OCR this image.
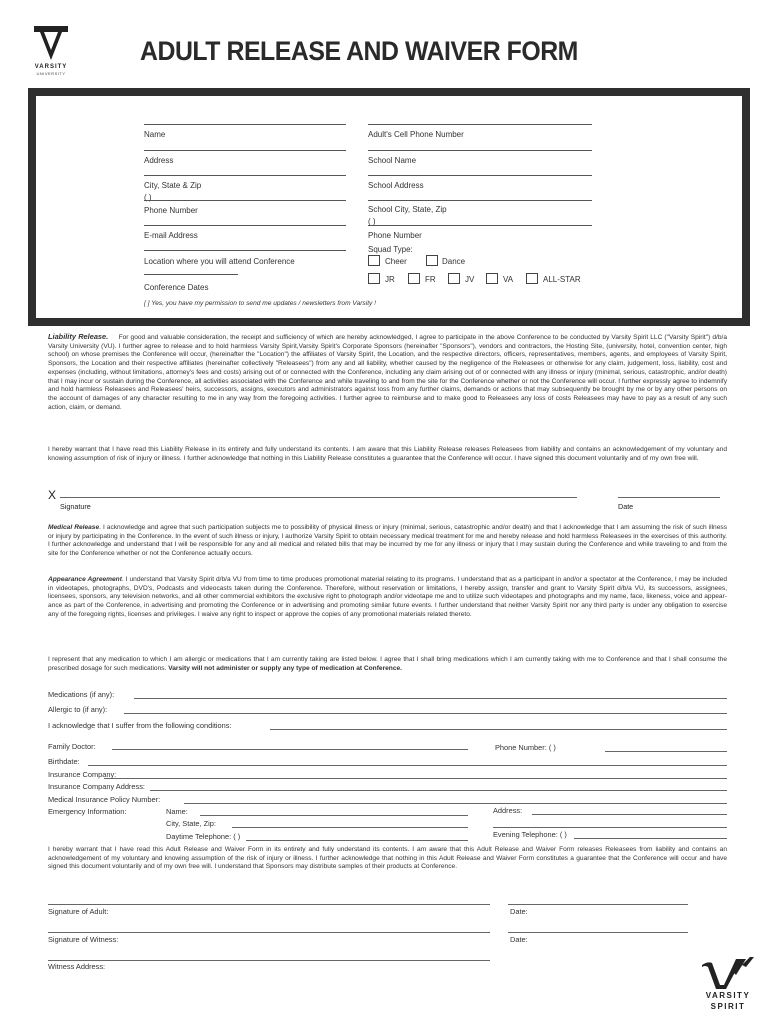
VARSITY
UNIVERSITY
ADULT RELEASE AND WAIVER FORM
Name
Address
City, State & Zip
( )
Phone Number
E-mail Address
Location where you will attend Conference
Conference Dates
[ ] Yes, you have my permission to send me updates / newsletters from Varsity !
Adult's Cell Phone Number
School Name
School Address
School City, State, Zip
( )
Phone Number
Squad Type:
Cheer	Dance
JR	FR	JV	VA	ALL-STAR
Liability Release. For good and valuable consideration, the receipt and sufficiency of which are hereby acknowledged, I agree to participate in the above Conference to be conducted by Varsity Spirit LLC ("Varsity Spirit") d/b/a Varsity University (VU). I further agree to release and to hold harmless Varsity Spirit,Varsity Spirit's Corporate Sponsors (hereinafter "Sponsors"), vendors and contractors, the Hosting Site, (university, hotel, convention center, high school) on whose premises the Conference will occur, (hereinafter the "Location") the affiliates of Varsity Spirit, the Location, and the respective directors, officers, representatives, members, agents, and employees of Varsity Spirit, Sponsors, the Location and their respective affiliates (hereinafter collectively "Releasees") from any and all liability, whether caused by the negligence of the Releasees or otherwise for any claim, judgement, loss, liability, cost and expenses (including, without limitations, attorney's fees and costs) arising out of or connected with the Conference, including any claim arising out of or connected with any illness or injury (minimal, serious, catastrophic, and/or death) that I may incur or sustain during the Conference, all activities associated with the Conference and while traveling to and from the site for the Conference whether or not the Conference will occur. I further expressly agree to indemnify and hold harmless Releasees and Releasees' heirs, successors, assigns, executors and administrators against loss from any further claims, demands or actions that may subsequently be brought by me or by any other persons on the account of damages of any character resulting to me in any way from the foregoing activities. I further agree to reimburse and to make good to Releasees any loss of costs Releasees may have to pay as a result of any such action, claim, or demand.
I hereby warrant that I have read this Liability Release in its entirety and fully understand its contents. I am aware that this Liability Release releases Releasees from liability and contains an acknowledgement of my voluntary and knowing assumption of risk of injury or illness. I further acknowledge that nothing in this Liability Release constitutes a guarantee that the Conference will occur. I have signed this document voluntarily and of my own free will.
X
Signature	Date
Medical Release. I acknowledge and agree that such participation subjects me to possibility of physical illness or injury (minimal, serious, catastrophic and/or death) and that I acknowledge that I am assuming the risk of such illness or injury by participating in the Conference. In the event of such illness or injury, I authorize Varsity Spirit to obtain necessary medical treatment for me and hereby release and hold harmless Releasees in the exercises of this authority. I further acknowledge and understand that I will be responsible for any and all medical and related bills that may be incurred by me for any illness or injury that I may sustain during the Conference and while traveling to and from the site for the Conference whether or not the Conference actually occurs.
Appearance Agreement. I understand that Varsity Spirit d/b/a VU from time to time produces promotional material relating to its programs. I understand that as a participant in and/or a spectator at the Conference, I may be included in videotapes, photographs, DVD's, Podcasts and videocasts taken during the Conference. Therefore, without reservation or limitations, I hereby assign, transfer and grant to Varsity Spirit d/b/a VU, its successors, assignees, licensees, sponsors, any television networks, and all other commercial exhibitors the exclusive right to photograph and/or videotape me and to utilize such videotapes and photographs and my name, face, likeness, voice and appear-ance as part of the Conference, in advertising and promoting the Conference or in advertising and promoting similar future events. I further understand that neither Varsity Spirit nor any third party is under any obligation to exercise any of the foregoing rights, licenses and privileges. I waive any right to inspect or approve the copies of any promotional materials related thereto.
I represent that any medication to which I am allergic or medications that I am currently taking are listed below. I agree that I shall bring medications which I am currently taking with me to Conference and that I shall consume the prescribed dosage for such medications. Varsity will not administer or supply any type of medication at Conference.
Medications (if any):
Allergic to (if any):
I acknowledge that I suffer from the following conditions:
Family Doctor:	Phone Number: ( )
Birthdate:
Insurance Company:
Insurance Company Address:
Medical Insurance Policy Number:
Emergency Information:	Name:	Address:
City, State, Zip:
Daytime Telephone: ( )	Evening Telephone: ( )
I hereby warrant that I have read this Adult Release and Waiver Form in its entirety and fully understand its contents. I am aware that this Adult Release and Waiver Form releases Releasees from liability and contains an acknowledgement of my voluntary and knowing assumption of the risk of injury or illness. I further acknowledge that nothing in this Adult Release and Waiver Form constitutes a guarantee that the Conference will occur and have signed this document voluntarily and of my own free will. I understand that Sponsors may distribute samples of their products at Conference.
Signature of Adult:	Date:
Signature of Witness:	Date:
Witness Address:
VARSITY
SPIRIT
